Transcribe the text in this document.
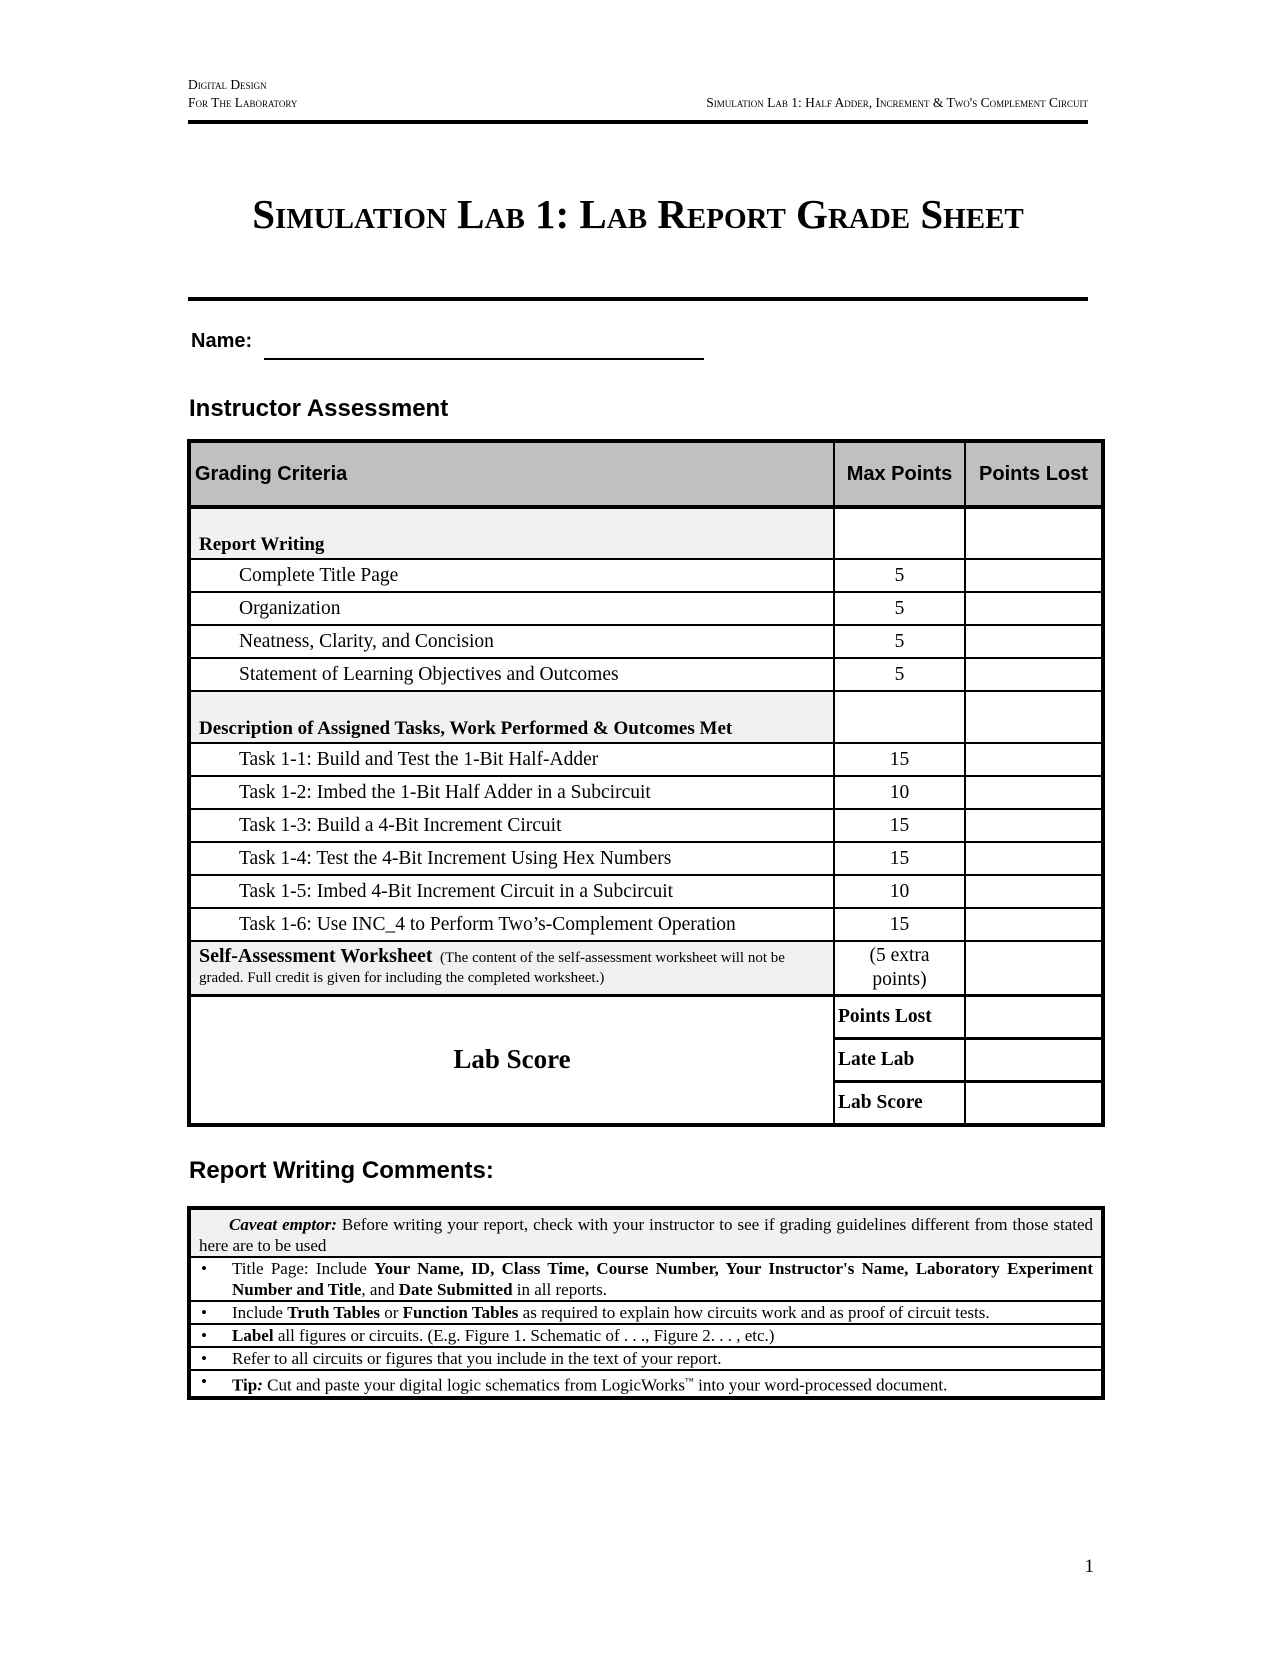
Digital Design
For The Laboratory	Simulation Lab 1: Half Adder, Increment & Two's Complement Circuit
Simulation Lab 1: Lab Report Grade Sheet
Name:
Instructor Assessment
Grading Criteria	Max Points	Points Lost
Report Writing		
Complete Title Page	5	
Organization	5	
Neatness, Clarity, and Concision	5	
Statement of Learning Objectives and Outcomes	5	
Description of Assigned Tasks, Work Performed & Outcomes Met		
Task 1-1: Build and Test the 1-Bit Half-Adder	15	
Task 1-2: Imbed the 1-Bit Half Adder in a Subcircuit	10	
Task 1-3: Build a 4-Bit Increment Circuit	15	
Task 1-4: Test the 4-Bit Increment Using Hex Numbers	15	
Task 1-5: Imbed 4-Bit Increment Circuit in a Subcircuit	10	
Task 1-6: Use INC_4 to Perform Two’s-Complement Operation	15	
Self-Assessment Worksheet (The content of the self-assessment worksheet will not be graded. Full credit is given for including the completed worksheet.)	(5 extra
points)	
Lab Score	Points Lost	
	Late Lab	
	Lab Score	
Report Writing Comments:
Caveat emptor: Before writing your report, check with your instructor to see if grading guidelines different from those stated here are to be used	
•	Title Page: Include Your Name, ID, Class Time, Course Number, Your Instructor's Name, Laboratory Experiment Number and Title, and Date Submitted in all reports.
•	Include Truth Tables or Function Tables as required to explain how circuits work and as proof of circuit tests.
•	Label all figures or circuits. (E.g. Figure 1. Schematic of . . ., Figure 2. . . , etc.)
•	Refer to all circuits or figures that you include in the text of your report.
•	Tip: Cut and paste your digital logic schematics from LogicWorks™ into your word-processed document.
1
